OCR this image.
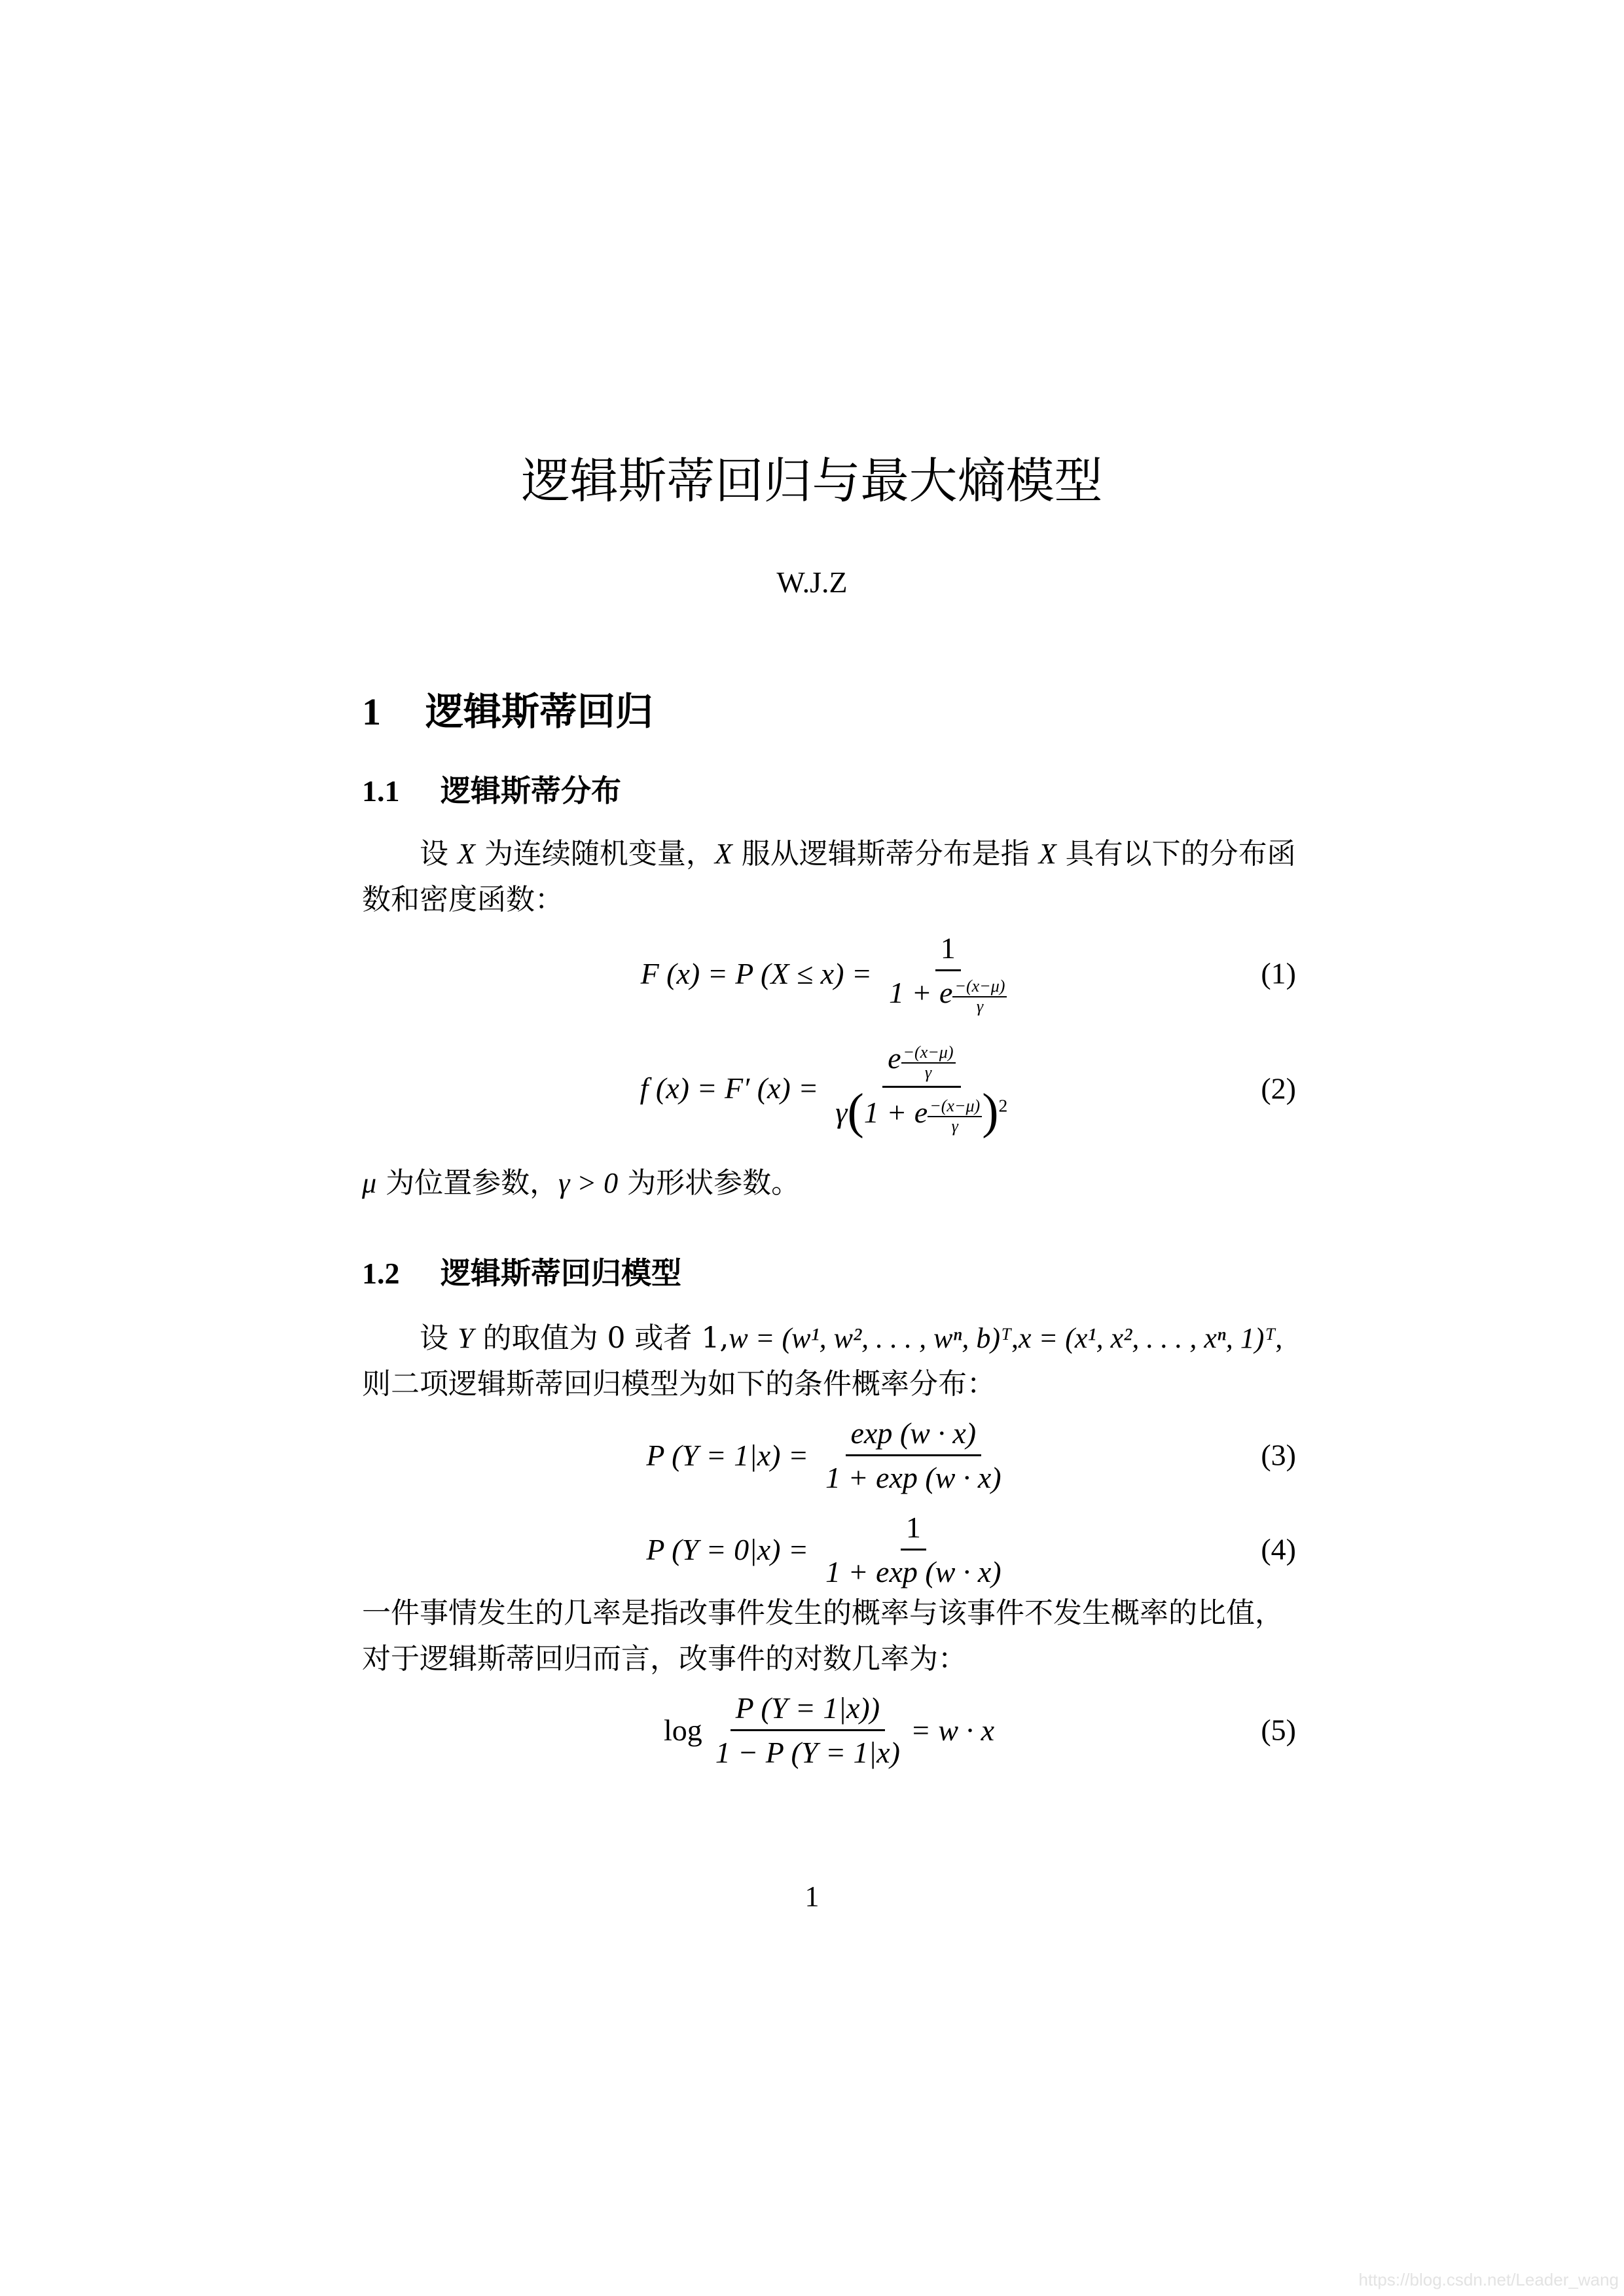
逻辑斯蒂回归与最大熵模型
W.J.Z
1 逻辑斯蒂回归
1.1 逻辑斯蒂分布
设 X 为连续随机变量，X 服从逻辑斯蒂分布是指 X 具有以下的分布函数和密度函数：
F (x) = P $(X \le x) = \frac{1}{1 + e \frac{-(x-\mu)}{\gamma}}$	(1)
f (x) = F′ $(x) = \frac{e \frac{-(x-\mu)}{\gamma}}{\gamma(1 + e \frac{-(x-\mu)}{\gamma} )^2}$	(2)
μ 为位置参数，γ > 0 为形状参数。
1.2 逻辑斯蒂回归模型
设 Y 的取值为 0 或者 1,w = (w¹, w², . . . , wⁿ, b)ᵀ,x = (x¹, x², . . . , xⁿ, 1)ᵀ,
则二项逻辑斯蒂回归模型为如下的条件概率分布：
P $(Y = 1|x) = \frac{\exp (w \cdot x)}{1 + \exp (w \cdot x)}$	(3)
P $(Y = 0|x) = \frac{1}{1 + \exp (w \cdot x)}$	(4)
一件事情发生的几率是指改事件发生的概率与该事件不发生概率的比值，对于逻辑斯蒂回归而言，改事件的对数几率为：
$\log \frac{P (Y = 1|x))}{1 - P (Y = 1|x)} = w \cdot x$	(5)
1
https://blog.csdn.net/Leader_wang
